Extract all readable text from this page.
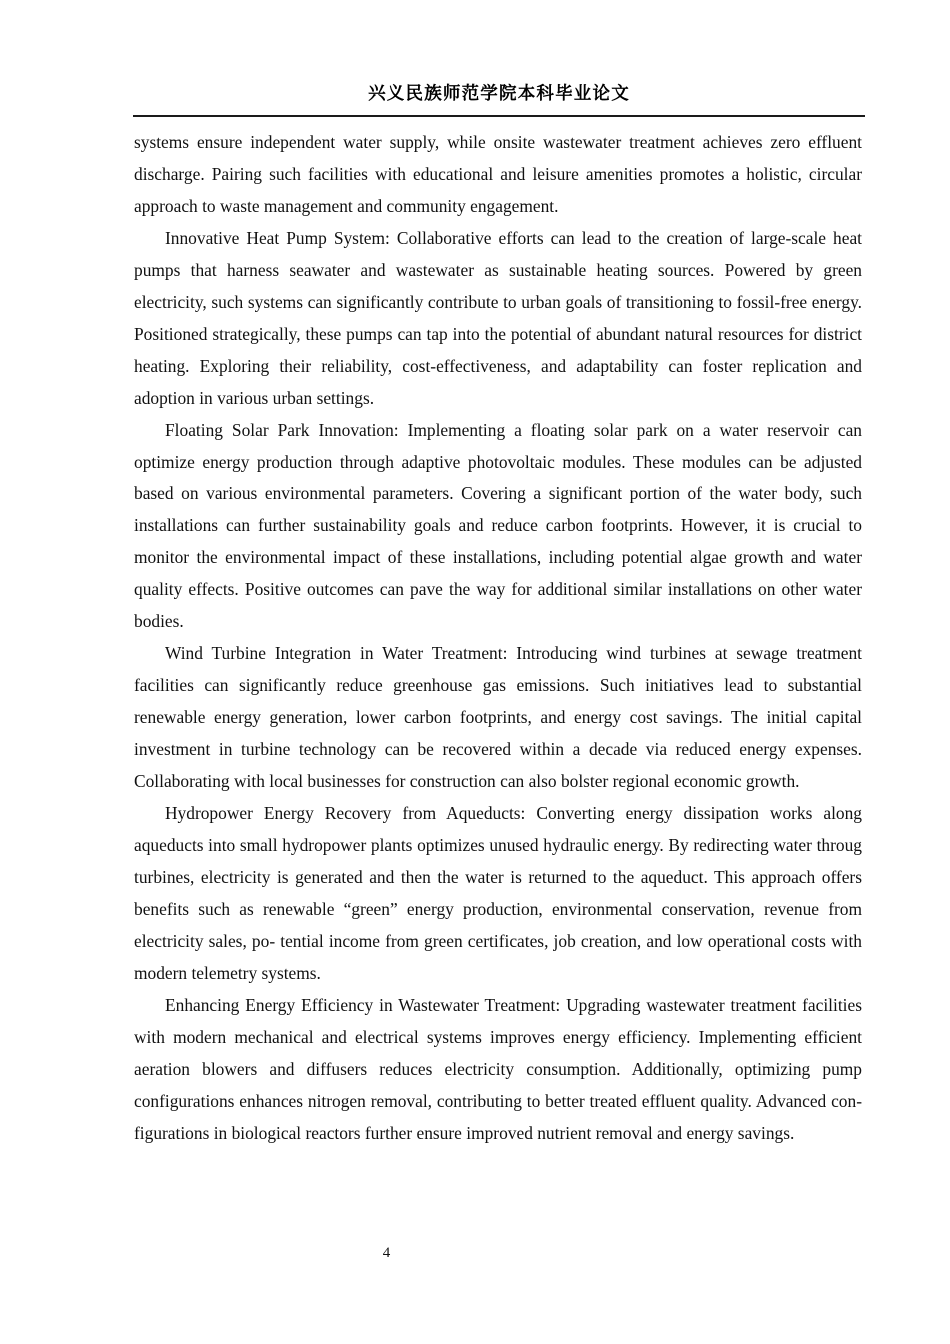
兴义民族师范学院本科毕业论文

systems ensure independent water supply, while onsite wastewater treatment achieves zero effluent discharge. Pairing such facilities with educational and leisure amenities promotes a holistic, circular approach to waste management and community engagement.

Innovative Heat Pump System: Collaborative efforts can lead to the creation of large-scale heat pumps that harness seawater and wastewater as sustainable heating sources. Powered by green electricity, such systems can significantly contribute to urban goals of transitioning to fossil-free energy. Positioned strategically, these pumps can tap into the potential of abundant natural resources for district heating. Exploring their reliability, cost-effectiveness, and adaptability can foster replication and adoption in various urban settings.

Floating Solar Park Innovation: Implementing a floating solar park on a water reservoir can optimize energy production through adaptive photovoltaic modules. These modules can be adjusted based on various environmental parameters. Covering a significant portion of the water body, such installations can further sustainability goals and reduce carbon footprints. However, it is crucial to monitor the environmental impact of these installations, including potential algae growth and water quality effects. Positive outcomes can pave the way for additional similar installations on other water bodies.

Wind Turbine Integration in Water Treatment: Introducing wind turbines at sewage treatment facilities can significantly reduce greenhouse gas emissions. Such initiatives lead to substantial renewable energy generation, lower carbon footprints, and energy cost savings. The initial capital investment in turbine technology can be recovered within a decade via reduced energy expenses. Collaborating with local businesses for construction can also bolster regional economic growth.

Hydropower Energy Recovery from Aqueducts: Converting energy dissipation works along aqueducts into small hydropower plants optimizes unused hydraulic energy. By redirecting water throug turbines, electricity is generated and then the water is returned to the aqueduct. This approach offers benefits such as renewable “green” energy production, environmental conservation, revenue from electricity sales, po- tential income from green certificates, job creation, and low operational costs with modern telemetry systems.

Enhancing Energy Efficiency in Wastewater Treatment: Upgrading wastewater treatment facilities with modern mechanical and electrical systems improves energy efficiency. Implementing efficient aeration blowers and diffusers reduces electricity consumption. Additionally, optimizing pump configurations enhances nitrogen removal, contributing to better treated effluent quality. Advanced con- figurations in biological reactors further ensure improved nutrient removal and energy savings.

4
